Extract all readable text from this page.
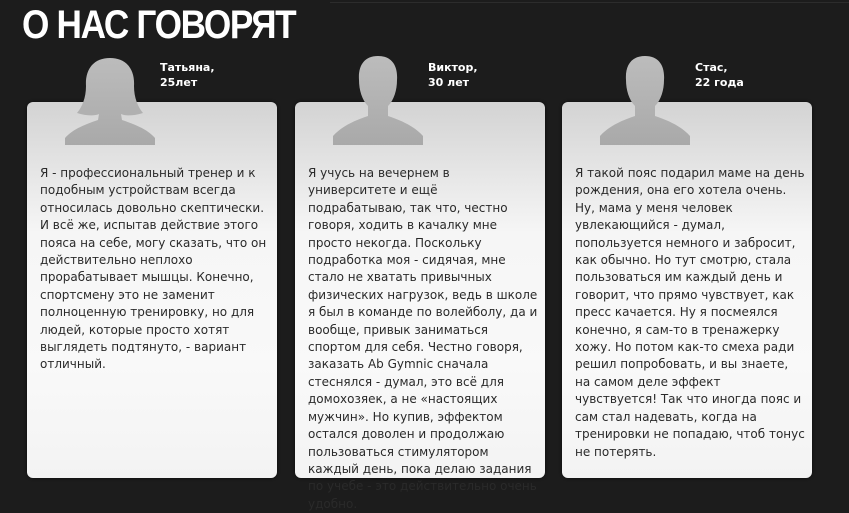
О НАС ГОВОРЯТ

Я - профессиональный тренер и к подобным устройствам всегда относилась довольно скептически. И всё же, испытав действие этого пояса на себе, могу сказать, что он действительно неплохо прорабатывает мышцы. Конечно, спортсмену это не заменит полноценную тренировку, но для людей, которые просто хотят выглядеть подтянуто, - вариант отличный.

Татьяна,
25лет

Я учусь на вечернем в университете и ещё подрабатываю, так что, честно говоря, ходить в качалку мне просто некогда. Поскольку подработка моя - сидячая, мне стало не хватать привычных физических нагрузок, ведь в школе я был в команде по волейболу, да и вообще, привык заниматься спортом для себя. Честно говоря, заказать Ab Gymnic сначала стеснялся - думал, это всё для домохозяек, а не «настоящих мужчин». Но купив, эффектом остался доволен и продолжаю пользоваться стимулятором каждый день, пока делаю задания по учебе - это действительно очень удобно.

Виктор,
30 лет

Я такой пояс подарил маме на день рождения, она его хотела очень. Ну, мама у меня человек увлекающийся - думал, попользуется немного и забросит, как обычно. Но тут смотрю, стала пользоваться им каждый день и говорит, что прямо чувствует, как пресс качается. Ну я посмеялся конечно, я сам-то в тренажерку хожу. Но потом как-то смеха ради решил попробовать, и вы знаете, на самом деле эффект чувствуется! Так что иногда пояс и сам стал надевать, когда на тренировки не попадаю, чтоб тонус не потерять.

Стас,
22 года
